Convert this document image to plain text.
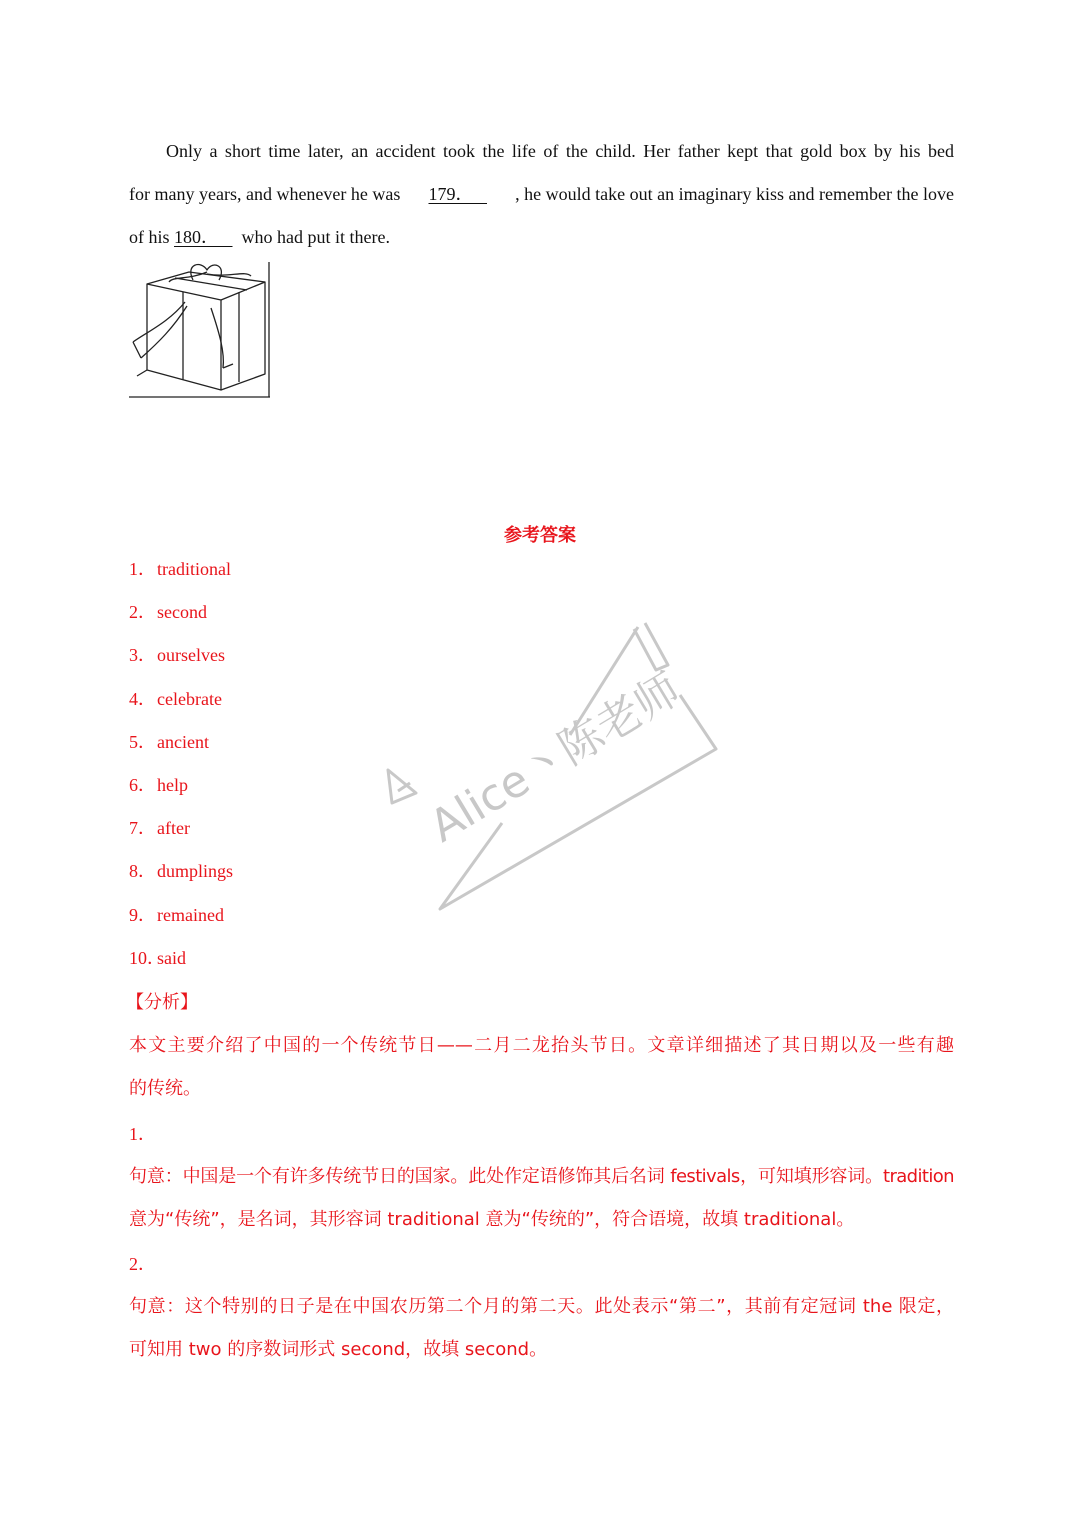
Only a short time later, an accident took the life of the child. Her father kept that gold box by his bed
for many years, and whenever he was 179．	, he would take out an imaginary kiss and remember the love
of his 180． who had put it there.
参考答案
1．traditional
2．second
3．ourselves
4．celebrate
5．ancient
6．help
7．after
8．dumplings
9．remained
10．said
【分析】
本文主要介绍了中国的一个传统节日——二月二龙抬头节日。文章详细描述了其日期以及一些有趣
的传统。
1．
句意：中国是一个有许多传统节日的国家。此处作定语修饰其后名词 festivals，可知填形容词。tradition
意为“传统”，是名词，其形容词 traditional 意为“传统的”，符合语境，故填 traditional。
2．
句意：这个特别的日子是在中国农历第二个月的第二天。此处表示“第二”，其前有定冠词 the 限定，
可知用 two 的序数词形式 second，故填 second。
Alice丶陈老师
